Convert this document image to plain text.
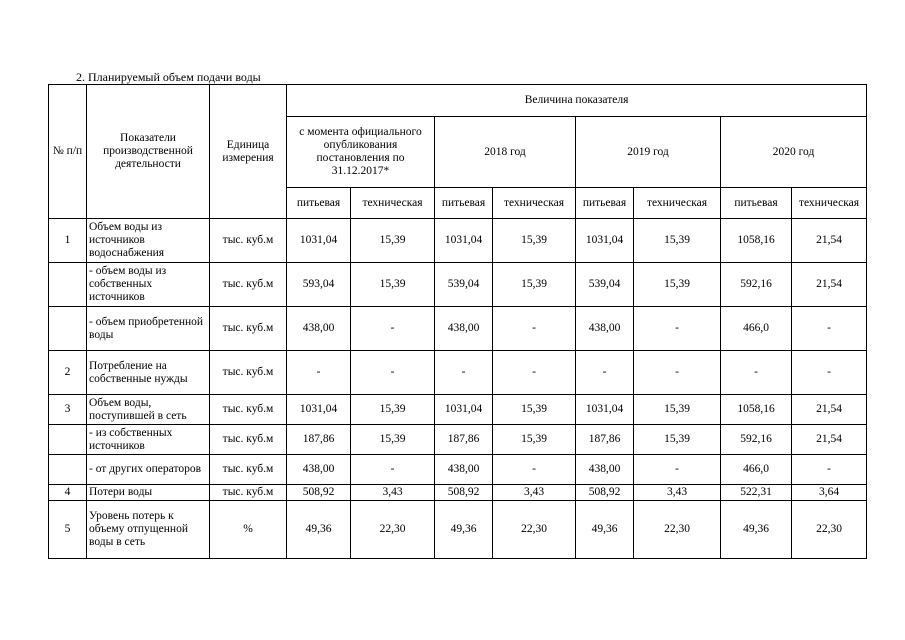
2. Планируемый объем подачи воды
№ п/п	Показатели производственной деятельности	Единица измерения	Величина показателя							
			с момента официального опубликования постановления по 31.12.2017*		2018 год		2019 год		2020 год	
			питьевая	техническая	питьевая	техническая	питьевая	техническая	питьевая	техническая
1	Объем воды из источников водоснабжения	тыс. куб.м	1031,04	15,39	1031,04	15,39	1031,04	15,39	1058,16	21,54
	- объем воды из собственных источников	тыс. куб.м	593,04	15,39	539,04	15,39	539,04	15,39	592,16	21,54
	- объем приобретенной воды	тыс. куб.м	438,00	-	438,00	-	438,00	-	466,0	-
2	Потребление на собственные нужды	тыс. куб.м	-	-	-	-	-	-	-	-
3	Объем воды, поступившей в сеть	тыс. куб.м	1031,04	15,39	1031,04	15,39	1031,04	15,39	1058,16	21,54
	- из собственных источников	тыс. куб.м	187,86	15,39	187,86	15,39	187,86	15,39	592,16	21,54
	- от других операторов	тыс. куб.м	438,00	-	438,00	-	438,00	-	466,0	-
4	Потери воды	тыс. куб.м	508,92	3,43	508,92	3,43	508,92	3,43	522,31	3,64
5	Уровень потерь к объему отпущенной воды в сеть	%	49,36	22,30	49,36	22,30	49,36	22,30	49,36	22,30
